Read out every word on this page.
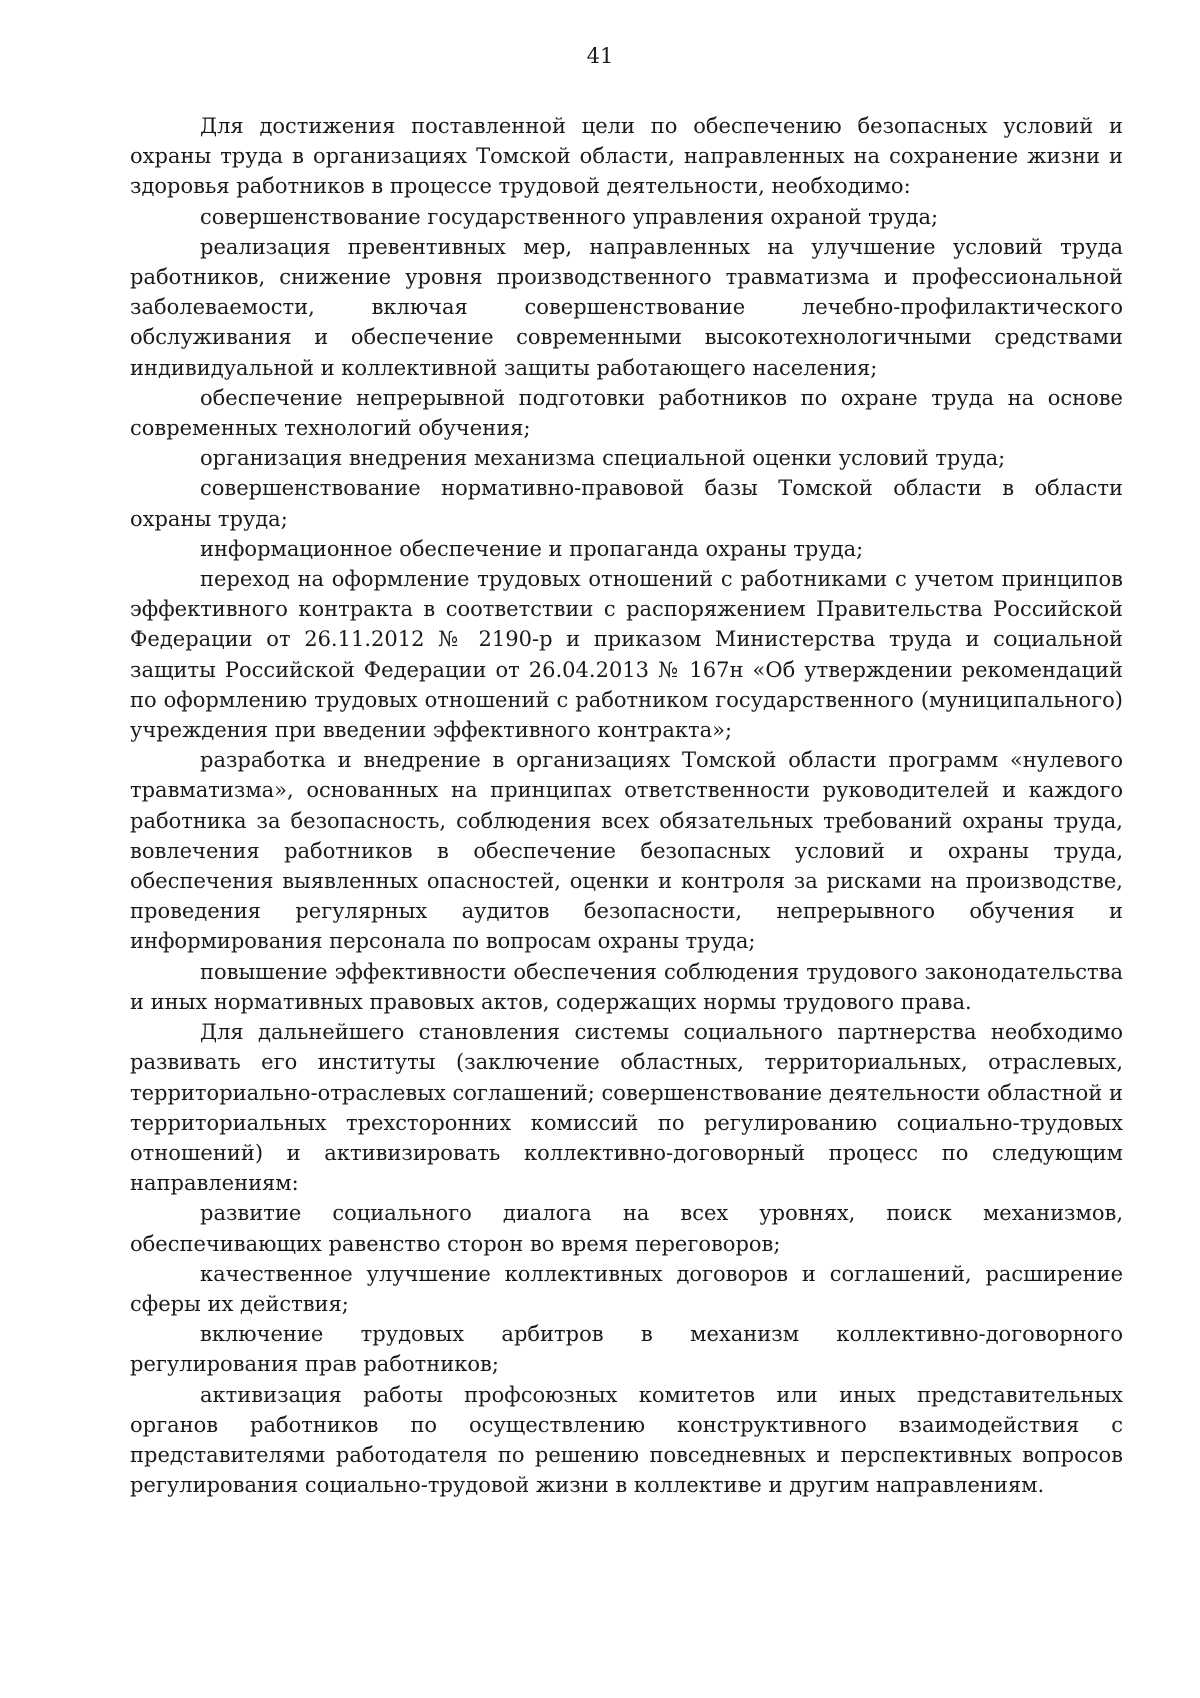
41

Для достижения поставленной цели по обеспечению безопасных условий и охраны труда в организациях Томской области, направленных на сохранение жизни и здоровья работников в процессе трудовой деятельности, необходимо:

совершенствование государственного управления охраной труда;

реализация превентивных мер, направленных на улучшение условий труда работников, снижение уровня производственного травматизма и профессиональной заболеваемости, включая совершенствование лечебно-профилактического обслуживания и обеспечение современными высокотехнологичными средствами индивидуальной и коллективной защиты работающего населения;

обеспечение непрерывной подготовки работников по охране труда на основе современных технологий обучения;

организация внедрения механизма специальной оценки условий труда;

совершенствование нормативно-правовой базы Томской области в области охраны труда;

информационное обеспечение и пропаганда охраны труда;

переход на оформление трудовых отношений с работниками с учетом принципов эффективного контракта в соответствии с распоряжением Правительства Российской Федерации от 26.11.2012 № 2190-р и приказом Министерства труда и социальной защиты Российской Федерации от 26.04.2013 № 167н «Об утверждении рекомендаций по оформлению трудовых отношений с работником государственного (муниципального) учреждения при введении эффективного контракта»;

разработка и внедрение в организациях Томской области программ «нулевого травматизма», основанных на принципах ответственности руководителей и каждого работника за безопасность, соблюдения всех обязательных требований охраны труда, вовлечения работников в обеспечение безопасных условий и охраны труда, обеспечения выявленных опасностей, оценки и контроля за рисками на производстве, проведения регулярных аудитов безопасности, непрерывного обучения и информирования персонала по вопросам охраны труда;

повышение эффективности обеспечения соблюдения трудового законодательства и иных нормативных правовых актов, содержащих нормы трудового права.

Для дальнейшего становления системы социального партнерства необходимо развивать его институты (заключение областных, территориальных, отраслевых, территориально-отраслевых соглашений; совершенствование деятельности областной и территориальных трехсторонних комиссий по регулированию социально-трудовых отношений) и активизировать коллективно-договорный процесс по следующим направлениям:

развитие социального диалога на всех уровнях, поиск механизмов, обеспечивающих равенство сторон во время переговоров;

качественное улучшение коллективных договоров и соглашений, расширение сферы их действия;

включение трудовых арбитров в механизм коллективно-договорного регулирования прав работников;

активизация работы профсоюзных комитетов или иных представительных органов работников по осуществлению конструктивного взаимодействия с представителями работодателя по решению повседневных и перспективных вопросов регулирования социально-трудовой жизни в коллективе и другим направлениям.
